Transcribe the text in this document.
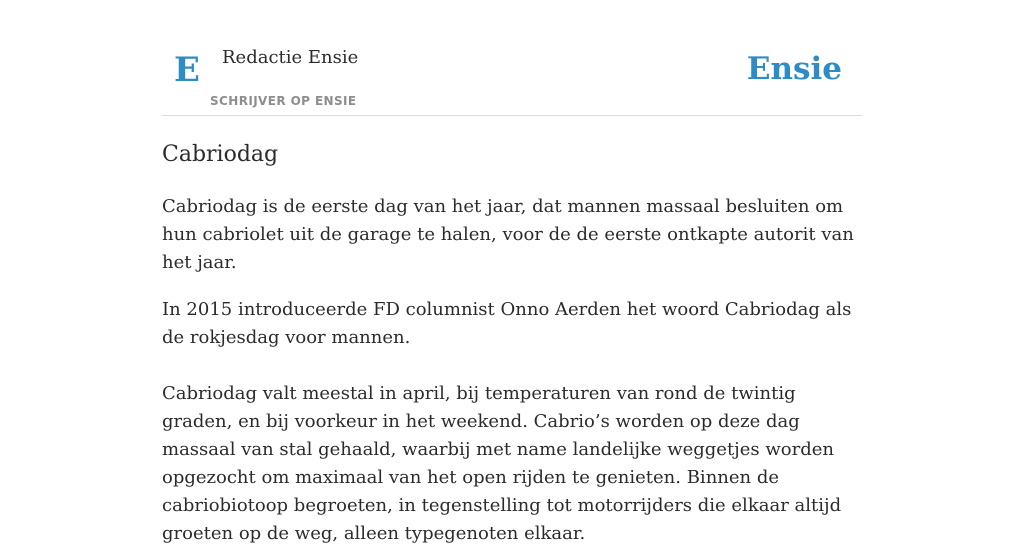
E Redactie Ensie
SCHRIJVER OP ENSIE
Ensie
Cabriodag

Cabriodag is de eerste dag van het jaar, dat mannen massaal besluiten om hun cabriolet uit de garage te halen, voor de de eerste ontkapte autorit van het jaar.

In 2015 introduceerde FD columnist Onno Aerden het woord Cabriodag als de rokjesdag voor mannen.

Cabriodag valt meestal in april, bij temperaturen van rond de twintig graden, en bij voorkeur in het weekend. Cabrio’s worden op deze dag massaal van stal gehaald, waarbij met name landelijke weggetjes worden opgezocht om maximaal van het open rijden te genieten. Binnen de cabriobiotoop begroeten, in tegenstelling tot motorrijders die elkaar altijd groeten op de weg, alleen typegenoten elkaar.
